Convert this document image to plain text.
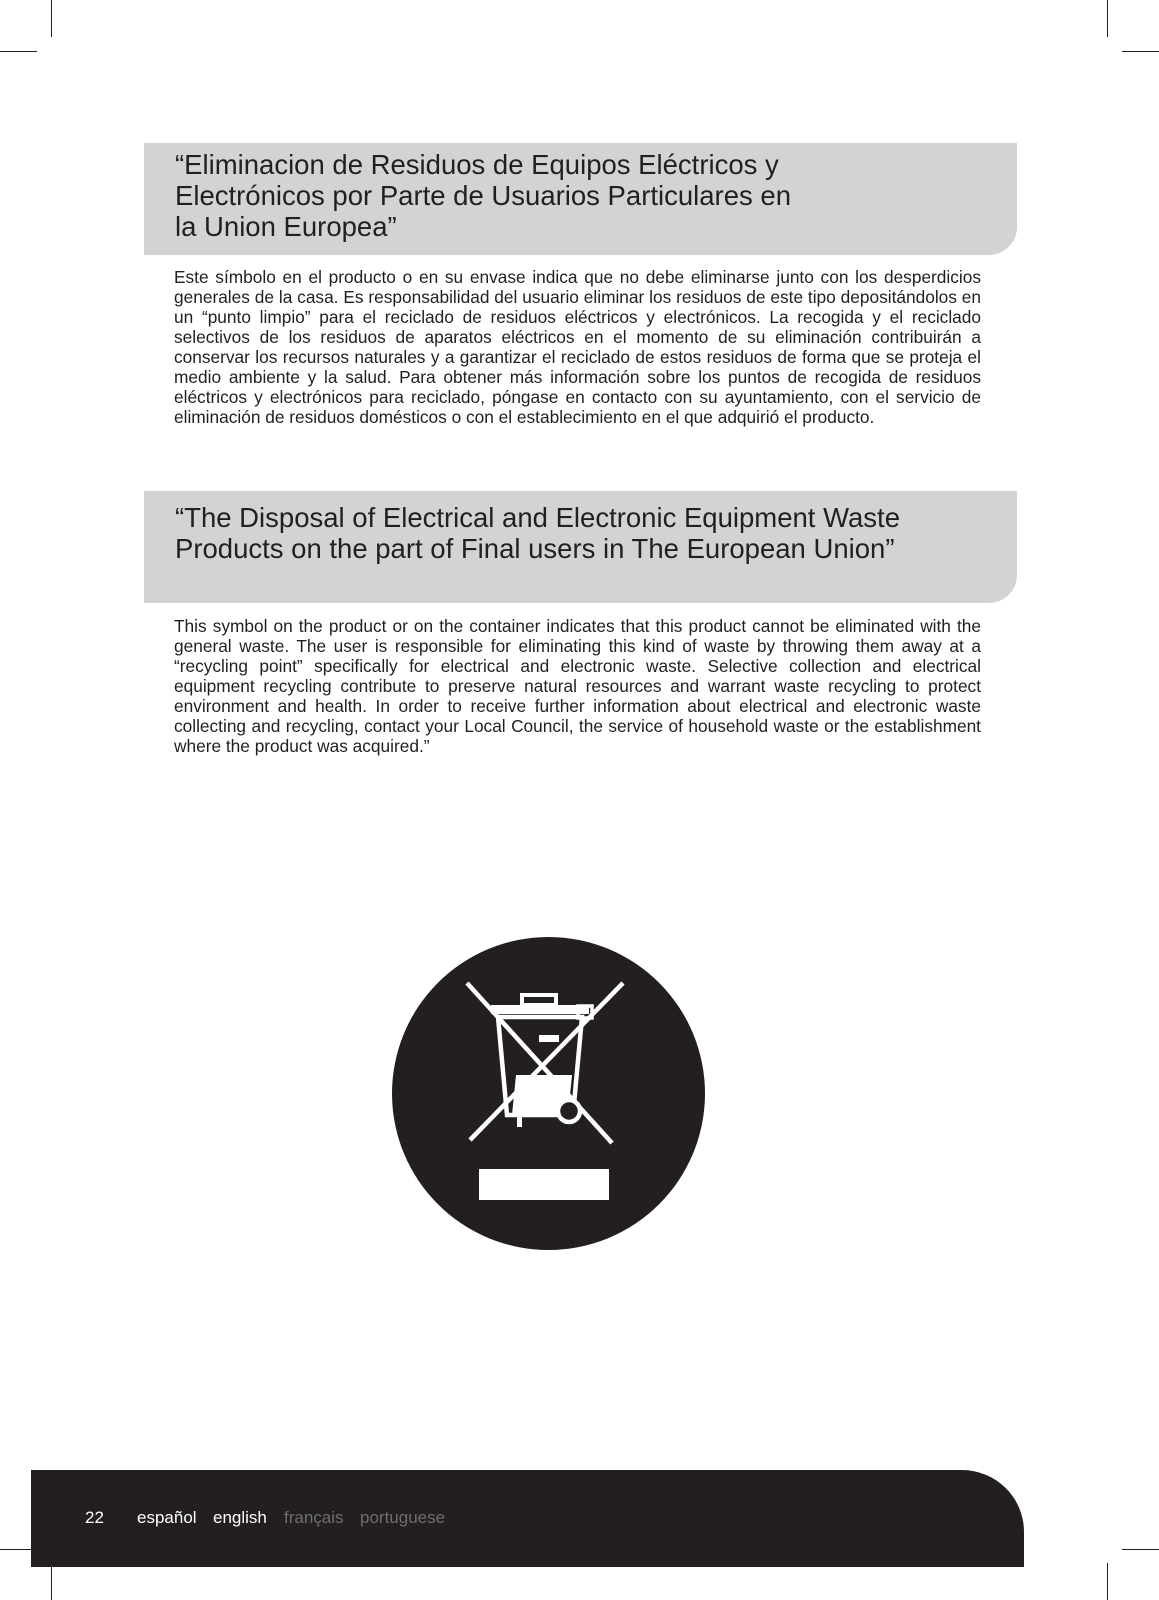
“Eliminacion de Residuos de Equipos Eléctricos y
Electrónicos por Parte de Usuarios Particulares en
la Union Europea”

Este símbolo en el producto o en su envase indica que no debe eliminarse junto con los desperdicios generales de la casa. Es responsabilidad del usuario eliminar los residuos de este tipo depositándolos en un “punto limpio” para el reciclado de residuos eléctricos y electrónicos. La recogida y el reciclado selectivos de los residuos de aparatos eléctricos en el momento de su eliminación contribuirán a conservar los recursos naturales y a garantizar el reciclado de estos residuos de forma que se proteja el medio ambiente y la salud. Para obtener más información sobre los puntos de recogida de residuos eléctricos y electrónicos para reciclado, póngase en contacto con su ayuntamiento, con el servicio de eliminación de residuos domésticos o con el establecimiento en el que adquirió el producto.

“The Disposal of Electrical and Electronic Equipment Waste
Products on the part of Final users in The European Union”

This symbol on the product or on the container indicates that this product cannot be eliminated with the general waste. The user is responsible for eliminating this kind of waste by throwing them away at a “recycling point” specifically for electrical and electronic waste. Selective collection and electrical equipment recycling contribute to preserve natural resources and warrant waste recycling to protect environment and health. In order to receive further information about electrical and electronic waste collecting and recycling, contact your Local Council, the service of household waste or the establishment where the product was acquired.”

22 español english français portuguese
